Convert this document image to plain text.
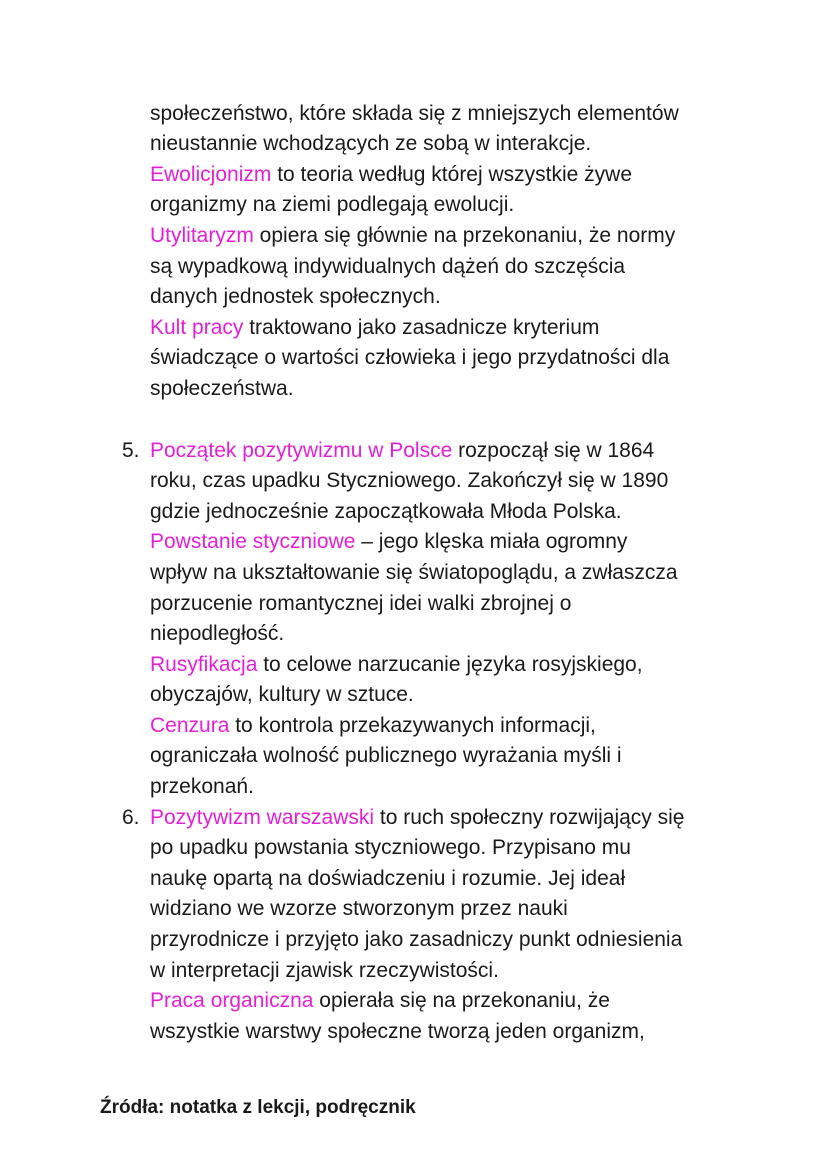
społeczeństwo, które składa się z mniejszych elementów
nieustannie wchodzących ze sobą w interakcje.
Ewolicjonizm to teoria według której wszystkie żywe
organizmy na ziemi podlegają ewolucji.
Utylitaryzm opiera się głównie na przekonaniu, że normy
są wypadkową indywidualnych dążeń do szczęścia
danych jednostek społecznych.
Kult pracy traktowano jako zasadnicze kryterium
świadczące o wartości człowieka i jego przydatności dla
społeczeństwa.
5. Początek pozytywizmu w Polsce rozpoczął się w 1864
roku, czas upadku Styczniowego. Zakończył się w 1890
gdzie jednocześnie zapoczątkowała Młoda Polska.
Powstanie styczniowe – jego klęska miała ogromny
wpływ na ukształtowanie się światopoglądu, a zwłaszcza
porzucenie romantycznej idei walki zbrojnej o
niepodległość.
Rusyfikacja to celowe narzucanie języka rosyjskiego,
obyczajów, kultury w sztuce.
Cenzura to kontrola przekazywanych informacji,
ograniczała wolność publicznego wyrażania myśli i
przekonań.
6. Pozytywizm warszawski to ruch społeczny rozwijający się
po upadku powstania styczniowego. Przypisano mu
naukę opartą na doświadczeniu i rozumie. Jej ideał
widziano we wzorze stworzonym przez nauki
przyrodnicze i przyjęto jako zasadniczy punkt odniesienia
w interpretacji zjawisk rzeczywistości.
Praca organiczna opierała się na przekonaniu, że
wszystkie warstwy społeczne tworzą jeden organizm,
Źródła: notatka z lekcji, podręcznik
